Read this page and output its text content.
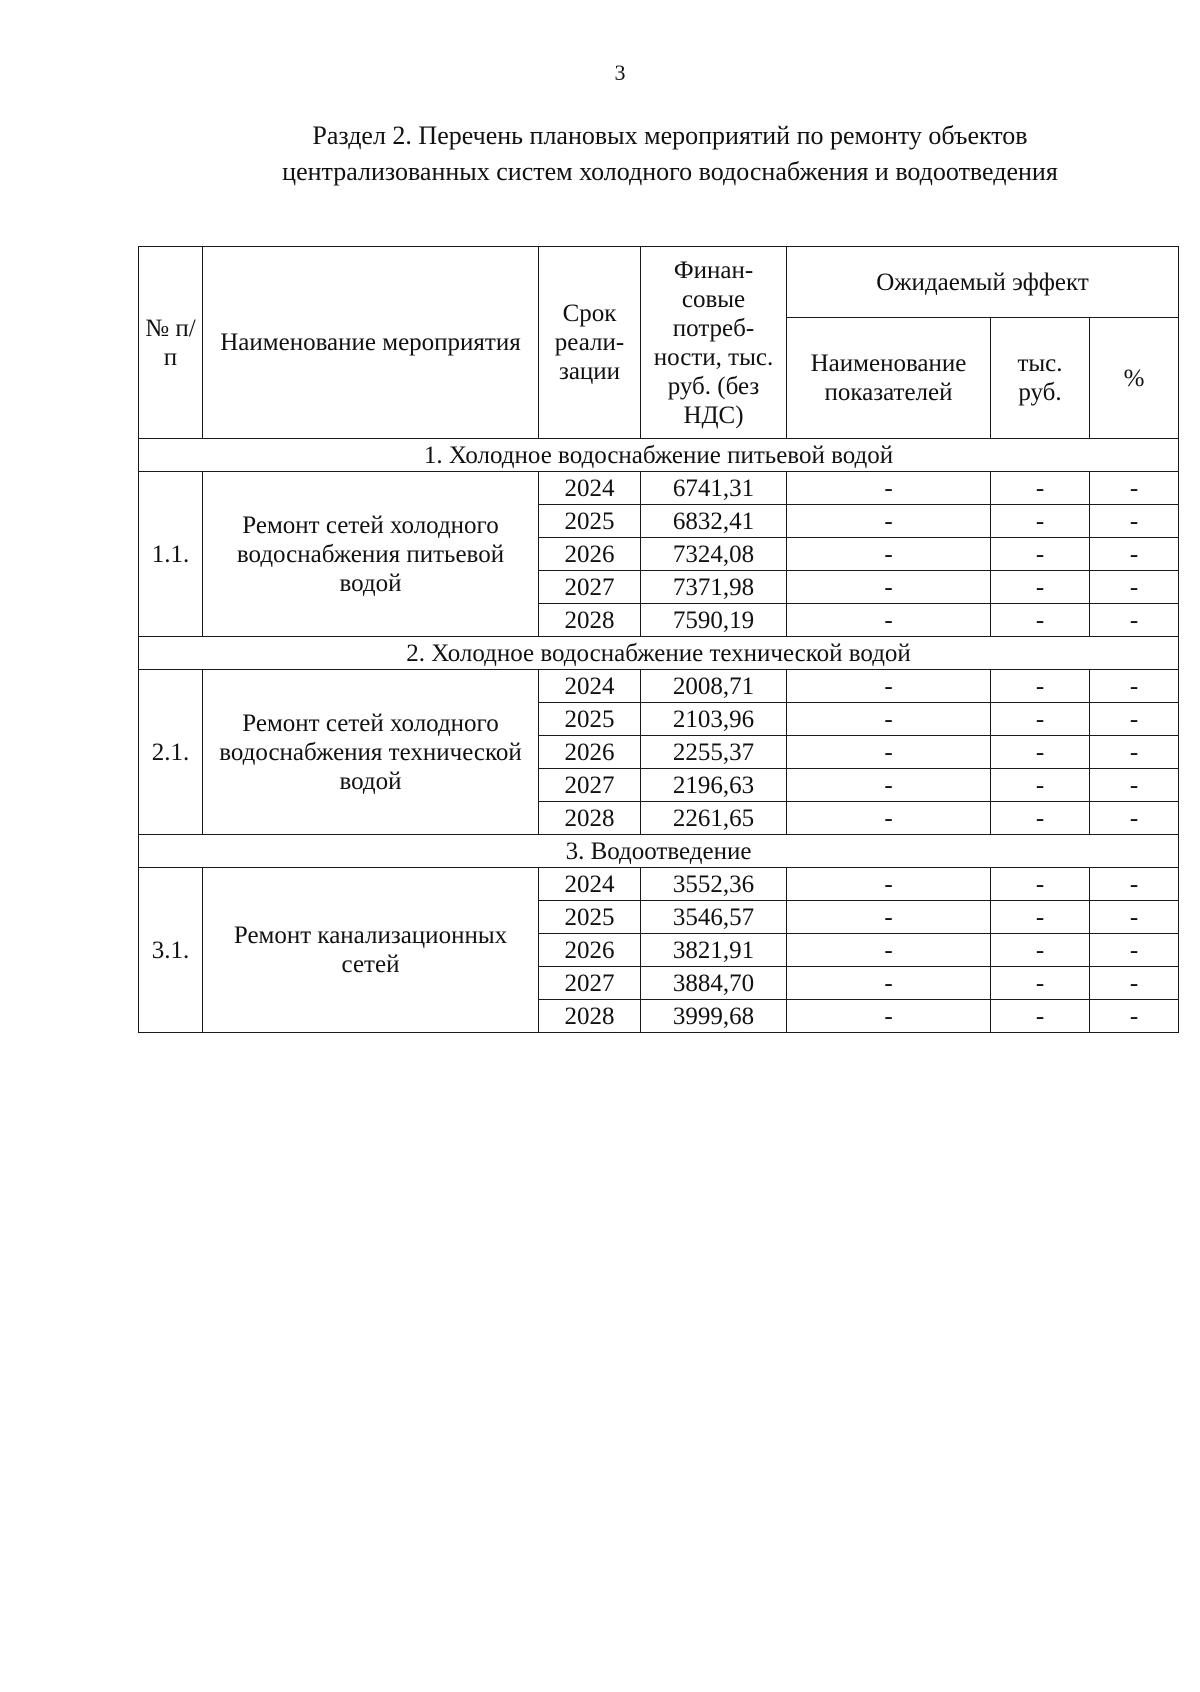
3
Раздел 2. Перечень плановых мероприятий по ремонту объектов
централизованных систем холодного водоснабжения и водоотведения
№ п/п	Наименование мероприятия	Срок реали-зации	Финан-совые потреб-ности, тыс. руб. (без НДС)	Ожидаемый эффект		
				Наименование показателей	тыс. руб.	%
1. Холодное водоснабжение питьевой водой						
1.1.	Ремонт сетей холодного водоснабжения питьевой водой	2024	6741,31	-	-	-
		2025	6832,41	-	-	-
		2026	7324,08	-	-	-
		2027	7371,98	-	-	-
		2028	7590,19	-	-	-
2. Холодное водоснабжение технической водой						
2.1.	Ремонт сетей холодного водоснабжения технической водой	2024	2008,71	-	-	-
		2025	2103,96	-	-	-
		2026	2255,37	-	-	-
		2027	2196,63	-	-	-
		2028	2261,65	-	-	-
3. Водоотведение						
3.1.	Ремонт канализационных сетей	2024	3552,36	-	-	-
		2025	3546,57	-	-	-
		2026	3821,91	-	-	-
		2027	3884,70	-	-	-
		2028	3999,68	-	-	-
